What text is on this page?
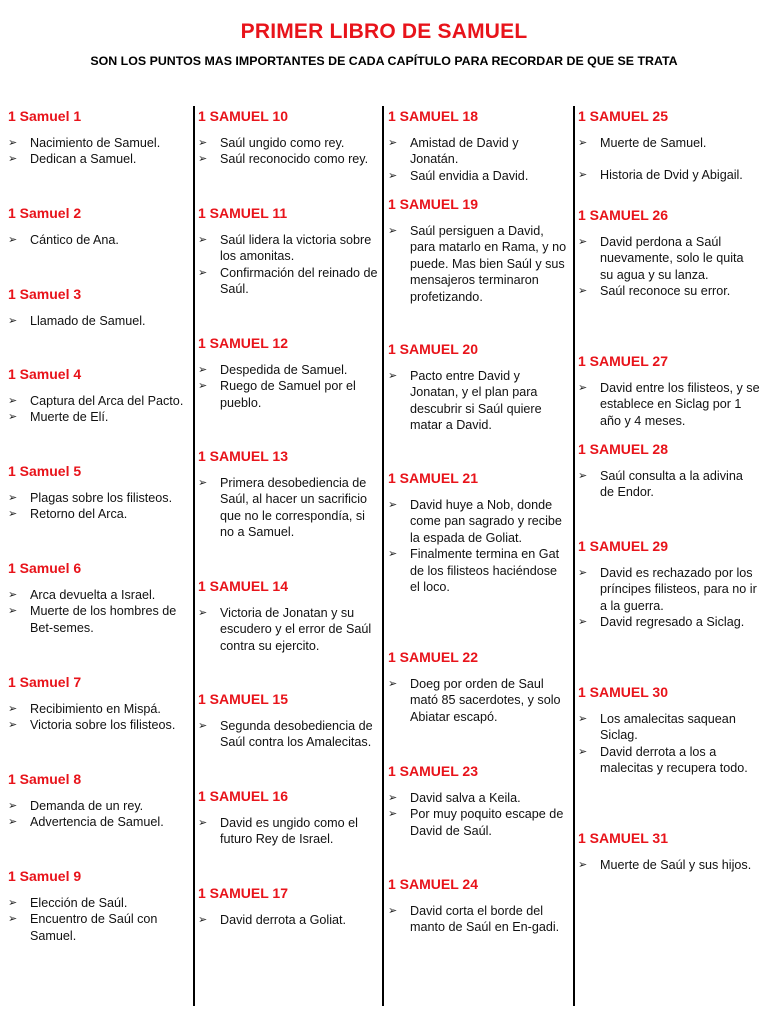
PRIMER LIBRO DE SAMUEL
SON LOS PUNTOS MAS IMPORTANTES DE CADA CAPÍTULO PARA RECORDAR DE QUE SE TRATA
1 Samuel 1
➢ Nacimiento de Samuel.
➢ Dedican a Samuel.
1 Samuel 2
➢ Cántico de Ana.
1 Samuel 3
➢ Llamado de Samuel.
1 Samuel 4
➢ Captura del Arca del Pacto.
➢ Muerte de Elí.
1 Samuel 5
➢ Plagas sobre los filisteos.
➢ Retorno del Arca.
1 Samuel 6
➢ Arca devuelta a Israel.
➢ Muerte de los hombres de Bet-semes.
1 Samuel 7
➢ Recibimiento en Mispá.
➢ Victoria sobre los filisteos.
1 Samuel 8
➢ Demanda de un rey.
➢ Advertencia de Samuel.
1 Samuel 9
➢ Elección de Saúl.
➢ Encuentro de Saúl con Samuel.
1 SAMUEL 10
➢ Saúl ungido como rey.
➢ Saúl reconocido como rey.
1 SAMUEL 11
➢ Saúl lidera la victoria sobre los amonitas.
➢ Confirmación del reinado de Saúl.
1 SAMUEL 12
➢ Despedida de Samuel.
➢ Ruego de Samuel por el pueblo.
1 SAMUEL 13
➢ Primera desobediencia de Saúl, al hacer un sacrificio que no le correspondía, si no a Samuel.
1 SAMUEL 14
➢ Victoria de Jonatan y su escudero y el error de Saúl contra su ejercito.
1 SAMUEL 15
➢ Segunda desobediencia de Saúl contra los Amalecitas.
1 SAMUEL 16
➢ David es ungido como el futuro Rey de Israel.
1 SAMUEL 17
➢ David derrota a Goliat.
1 SAMUEL 18
➢ Amistad de David y Jonatán.
➢ Saúl envidia a David.
1 SAMUEL 19
➢ Saúl persiguen a David, para matarlo en Rama, y no puede. Mas bien Saúl y sus mensajeros terminaron profetizando.
1 SAMUEL 20
➢ Pacto entre David y Jonatan, y el plan para descubrir si Saúl quiere matar a David.
1 SAMUEL 21
➢ David huye a Nob, donde come pan sagrado y recibe la espada de Goliat.
➢ Finalmente termina en Gat de los filisteos haciéndose el loco.
1 SAMUEL 22
➢ Doeg por orden de Saul mató 85 sacerdotes, y solo Abiatar escapó.
1 SAMUEL 23
➢ David salva a Keila.
➢ Por muy poquito escape de David de Saúl.
1 SAMUEL 24
➢ David corta el borde del manto de Saúl en En-gadi.
1 SAMUEL 25
➢ Muerte de Samuel.
➢ Historia de Dvid y Abigail.
1 SAMUEL 26
➢ David perdona a Saúl nuevamente, solo le quita su agua y su lanza.
➢ Saúl reconoce su error.
1 SAMUEL 27
➢ David entre los filisteos, y se establece en Siclag por 1 año y 4 meses.
1 SAMUEL 28
➢ Saúl consulta a la adivina de Endor.
1 SAMUEL 29
➢ David es rechazado por los príncipes filisteos, para no ir a la guerra.
➢ David regresado a Siclag.
1 SAMUEL 30
➢ Los amalecitas saquean Siclag.
➢ David derrota a los a malecitas y recupera todo.
1 SAMUEL 31
➢ Muerte de Saúl y sus hijos.
